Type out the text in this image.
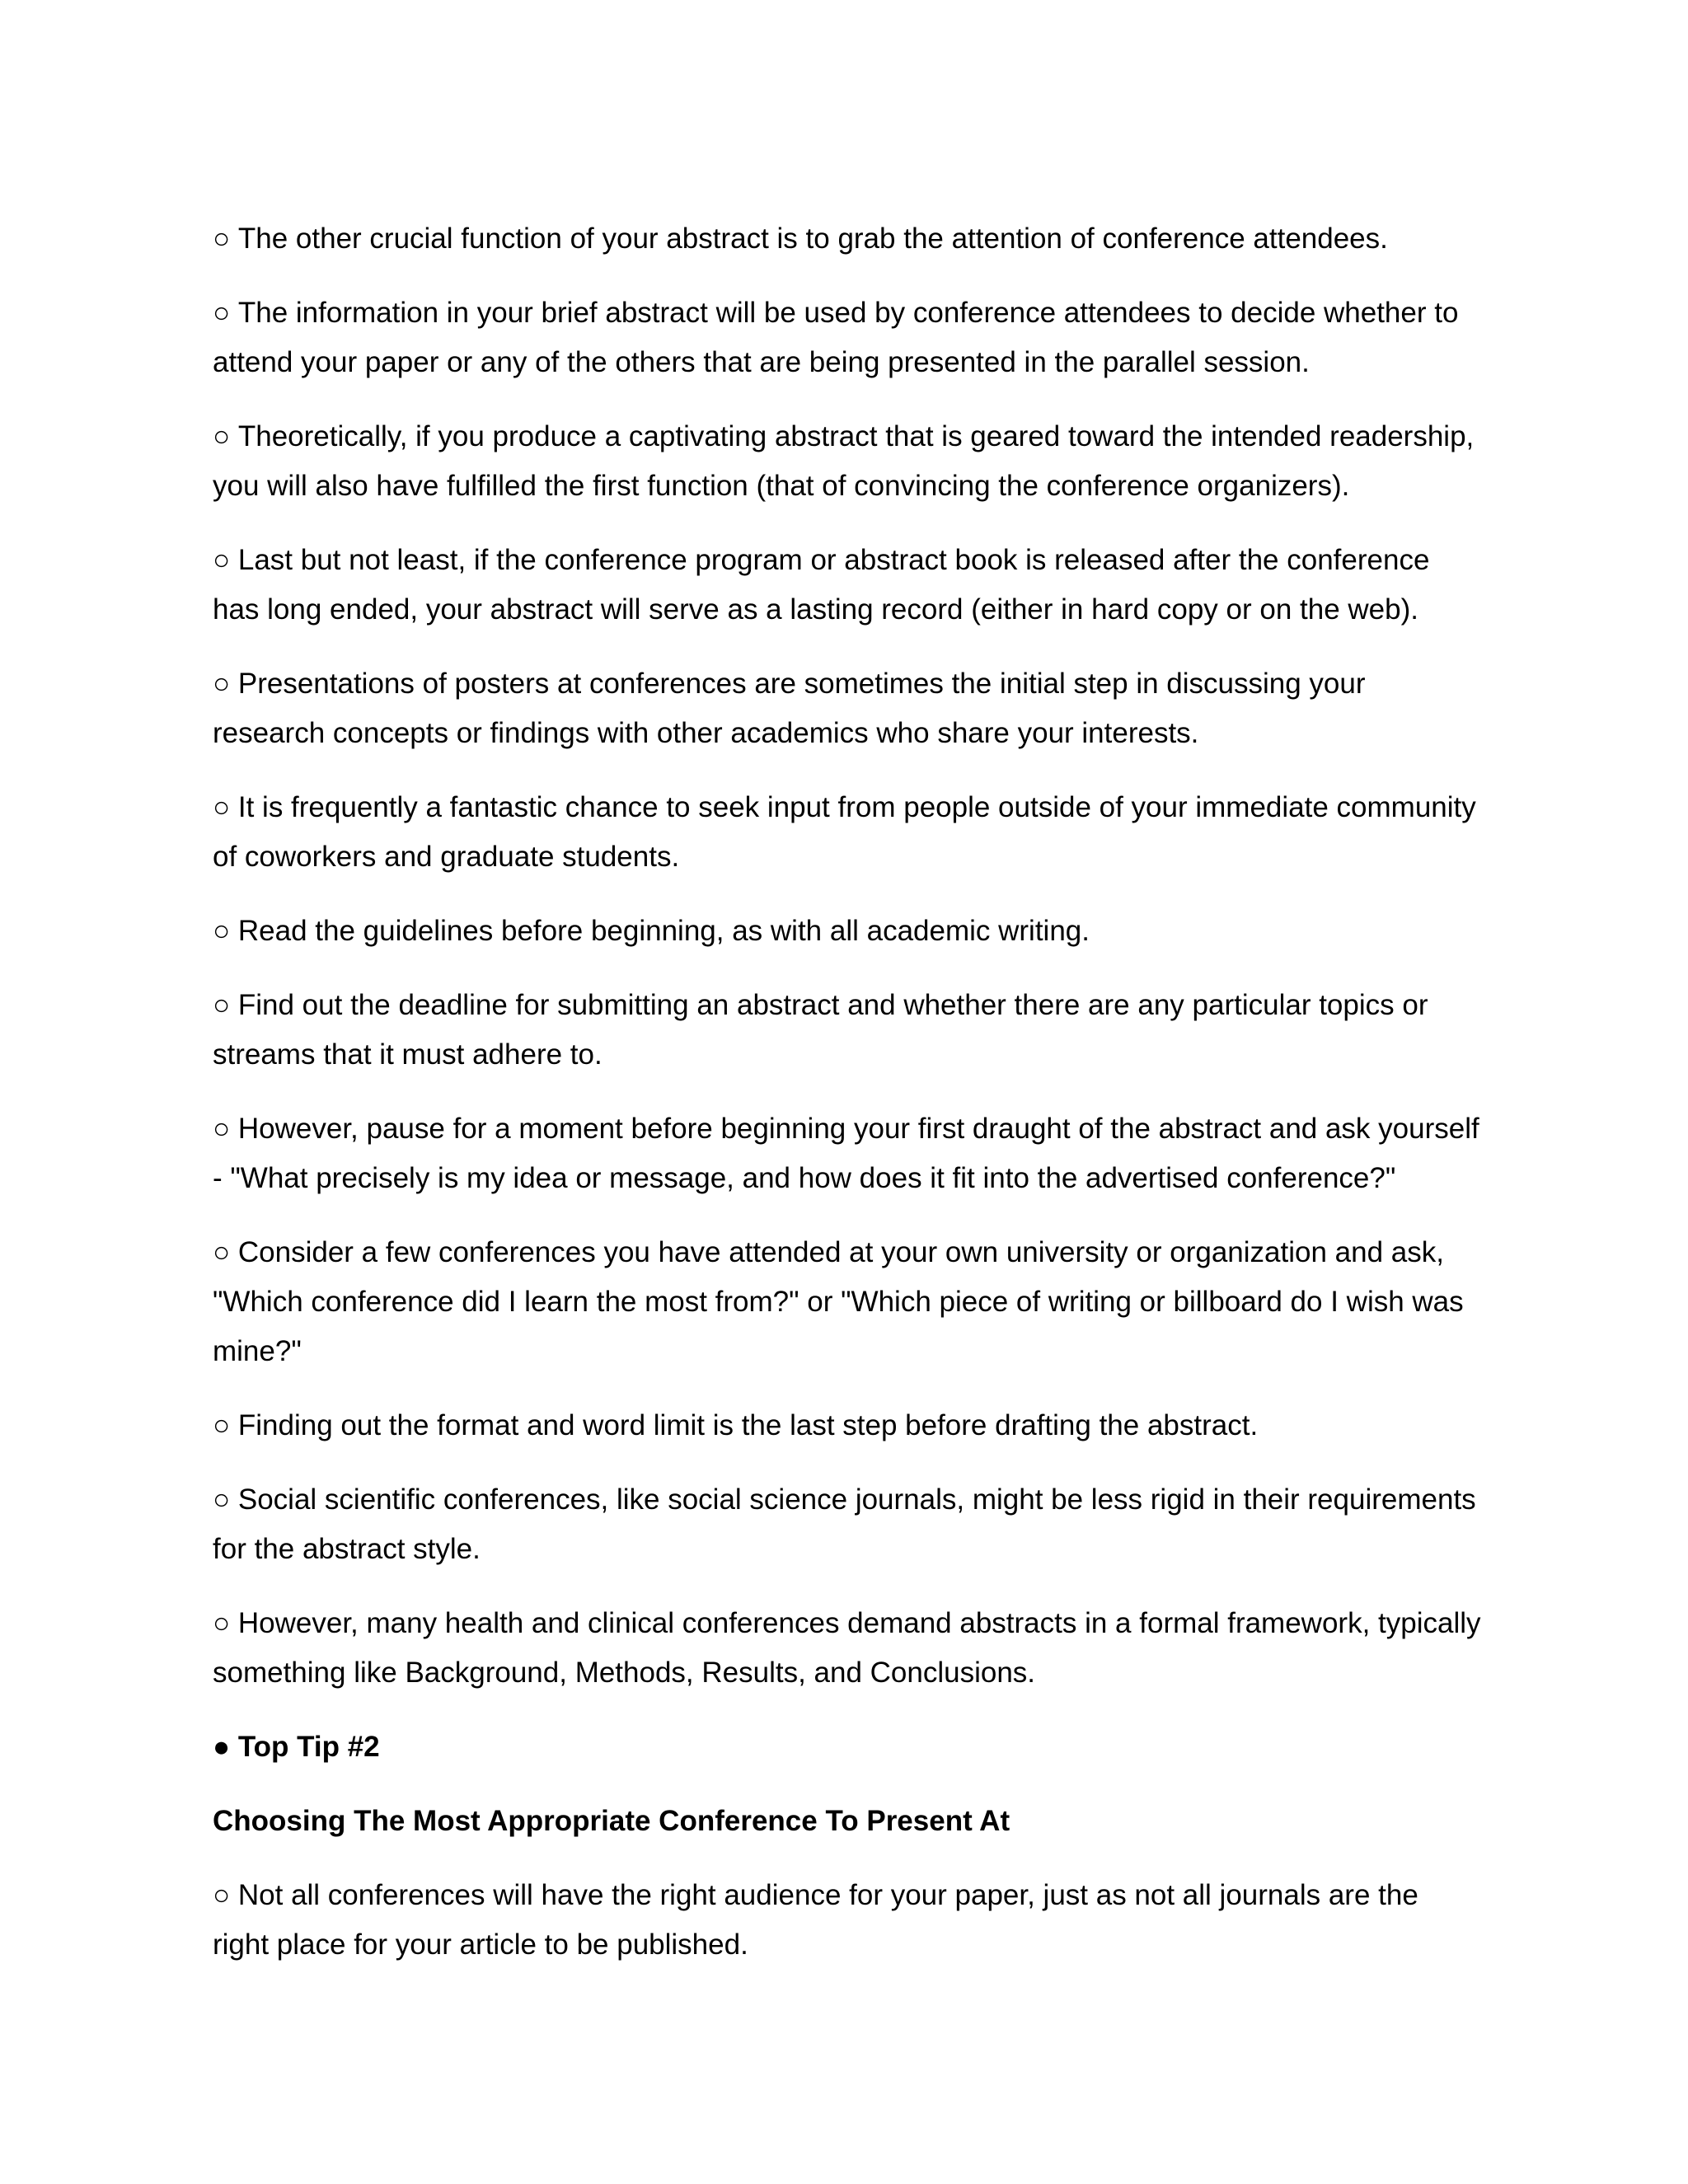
○ The other crucial function of your abstract is to grab the attention of conference attendees.

○ The information in your brief abstract will be used by conference attendees to decide whether to attend your paper or any of the others that are being presented in the parallel session.

○ Theoretically, if you produce a captivating abstract that is geared toward the intended readership, you will also have fulfilled the first function (that of convincing the conference organizers).

○ Last but not least, if the conference program or abstract book is released after the conference has long ended, your abstract will serve as a lasting record (either in hard copy or on the web).

○ Presentations of posters at conferences are sometimes the initial step in discussing your research concepts or findings with other academics who share your interests.

○ It is frequently a fantastic chance to seek input from people outside of your immediate community of coworkers and graduate students.

○ Read the guidelines before beginning, as with all academic writing.

○ Find out the deadline for submitting an abstract and whether there are any particular topics or streams that it must adhere to.

○ However, pause for a moment before beginning your first draught of the abstract and ask yourself - "What precisely is my idea or message, and how does it fit into the advertised conference?"

○ Consider a few conferences you have attended at your own university or organization and ask, "Which conference did I learn the most from?" or "Which piece of writing or billboard do I wish was mine?"

○ Finding out the format and word limit is the last step before drafting the abstract.

○ Social scientific conferences, like social science journals, might be less rigid in their requirements for the abstract style.

○ However, many health and clinical conferences demand abstracts in a formal framework, typically something like Background, Methods, Results, and Conclusions.

● Top Tip #2

Choosing The Most Appropriate Conference To Present At

○ Not all conferences will have the right audience for your paper, just as not all journals are the right place for your article to be published.
